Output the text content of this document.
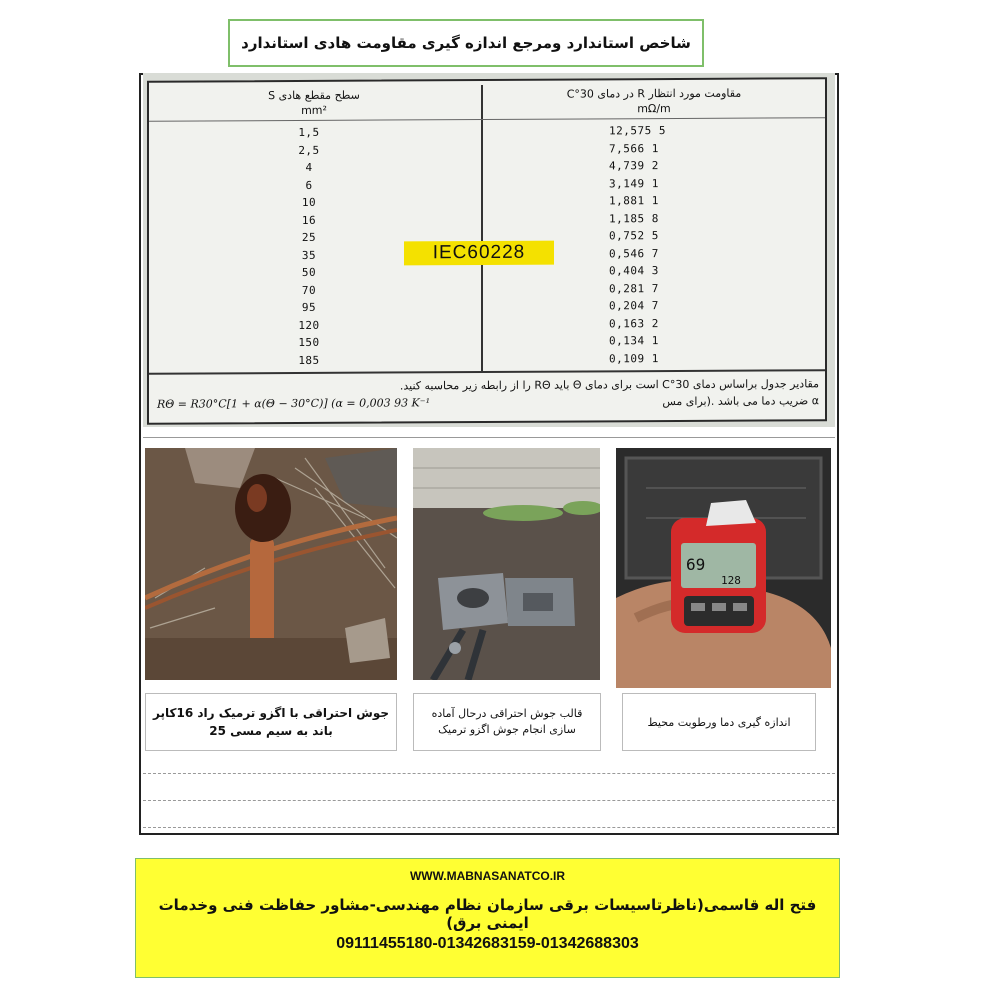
شاخص استاندارد ومرجع اندازه گیری مقاومت هادی استاندارد
سطح مقطع هادی S
mm²
مقاومت مورد انتظار R در دمای 30°C
mΩ/m
1,5
2,5
4
6
10
16
25
35
50
70
95
120
150
185
12,575 5
7,566 1
4,739 2
3,149 1
1,881 1
1,185 8
0,752 5
0,546 7
0,404 3
0,281 7
0,204 7
0,163 2
0,134 1
0,109 1
IEC60228
مقادیر جدول براساس دمای 30°C است برای دمای Θ باید RΘ را از رابطه زیر محاسبه کنید.
α ضریب دما می باشد .(برای مس
RΘ = R30°C[1 + α(Θ − 30°C)] (α = 0,003 93 K⁻¹
69
128
جوش احتراقی با اگزو ترمیک راد 16کاپر باند به سیم مسی 25
قالب جوش احتراقی درحال آماده سازی انجام جوش اگزو ترمیک
اندازه گیری دما ورطوبت محیط
WWW.MABNASANATCO.IR
فتح اله قاسمی(ناظرتاسیسات برقی سازمان نظام مهندسی-مشاور حفاظت فنی وخدمات ایمنی برق)
09111455180-01342683159-01342688303
